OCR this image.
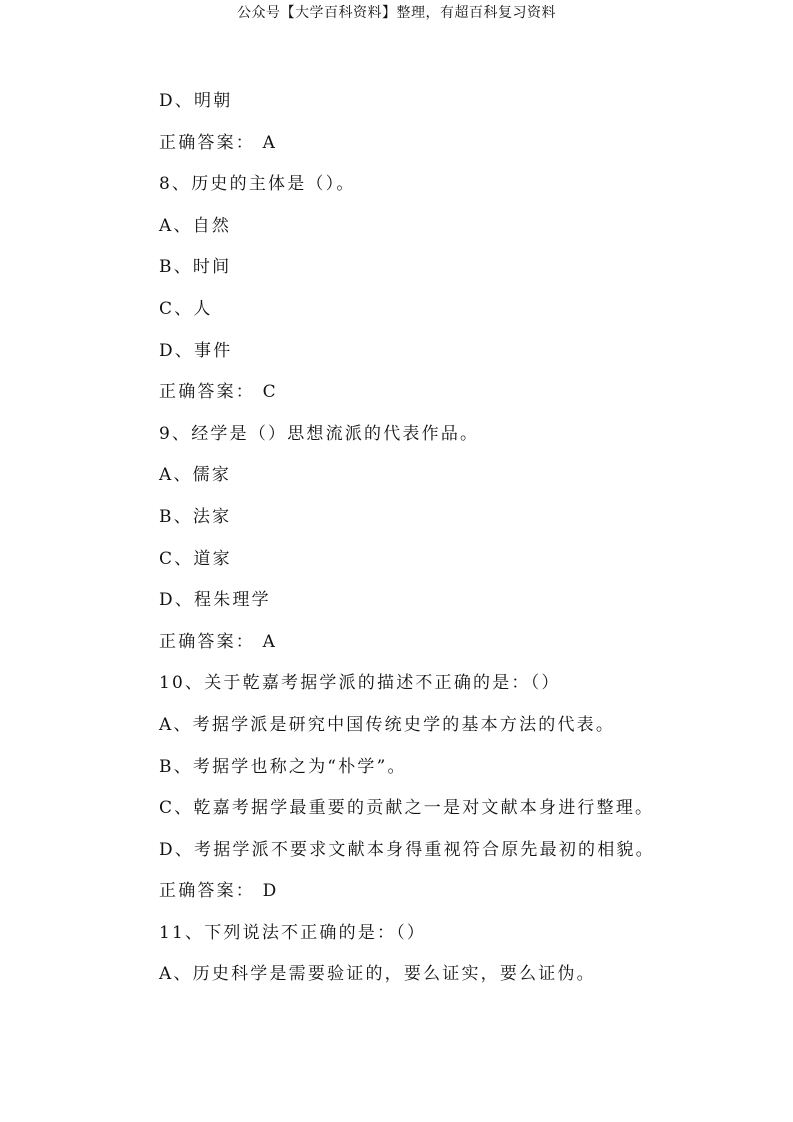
公众号【大学百科资料】整理，有超百科复习资料
D、明朝
正确答案： A
8、历史的主体是（）。
A、自然
B、时间
C、人
D、事件
正确答案： C
9、经学是（）思想流派的代表作品。
A、儒家
B、法家
C、道家
D、程朱理学
正确答案： A
10、关于乾嘉考据学派的描述不正确的是：（）
A、考据学派是研究中国传统史学的基本方法的代表。
B、考据学也称之为“朴学”。
C、乾嘉考据学最重要的贡献之一是对文献本身进行整理。
D、考据学派不要求文献本身得重视符合原先最初的相貌。
正确答案： D
11、下列说法不正确的是：（）
A、历史科学是需要验证的，要么证实，要么证伪。
